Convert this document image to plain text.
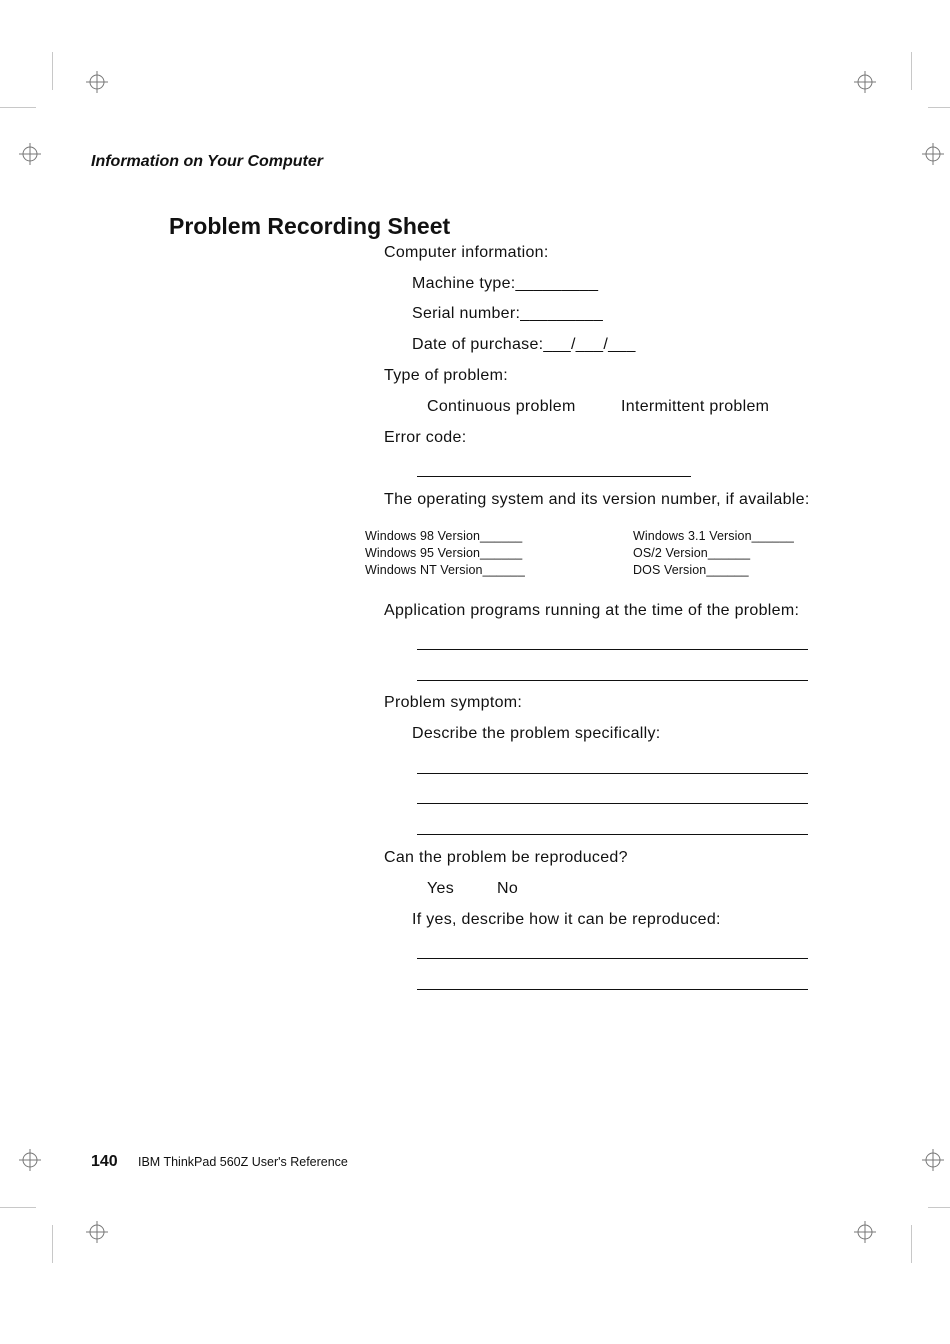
Information on Your Computer
Problem Recording Sheet
Computer information:
Machine type:_________
Serial number:_________
Date of purchase:___/___/___
Type of problem:
Continuous problem	Intermittent problem
Error code:
The operating system and its version number, if available:
Windows 98 Version______
Windows 95 Version______
Windows NT Version______
Windows 3.1 Version______
OS/2 Version______
DOS Version______
Application programs running at the time of the problem:
Problem symptom:
Describe the problem specifically:
Can the problem be reproduced?
Yes	No
If yes, describe how it can be reproduced:
140 IBM ThinkPad 560Z User's Reference
